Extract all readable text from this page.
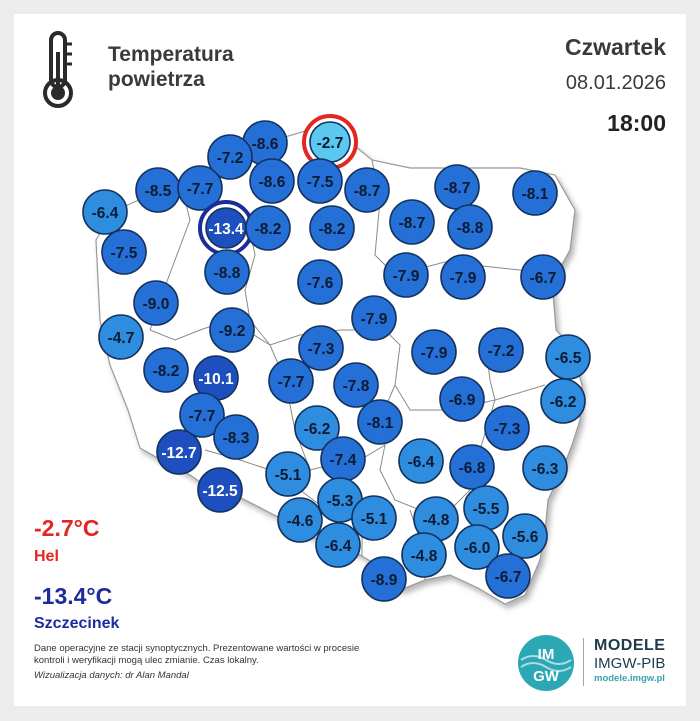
Temperatura
powietrza
Czwartek
08.01.2026
18:00
-8.6 -2.7
-7.2
-8.5 -7.7	-8.6 -7.5
-8.7	-8.7	-8.1
-6.4
-13.4 -8.2 -8.2	-8.7 -8.8
-7.5
-8.8
-7.6	-7.9 -7.9	-6.7
-9.0
-7.9
-4.7	-9.2
-7.3	-7.9	-7.2	-6.5
-8.2 -10.1	-7.7 -7.8
-6.9	-6.2
-7.7
-8.3
-8.1
-6.2	-7.3
-12.7	-7.4	-6.4 -6.8	-6.3
-5.1
-12.5
-5.3	-5.5
-4.6	-5.1 -4.8
-5.6
-6.4	-6.0
-4.8
-6.7
-8.9
-2.7°C
Hel
-13.4°C
Szczecinek
Dane operacyjne ze stacji synoptycznych. Prezentowane wartości w procesie kontroli i weryfikacji mogą ulec zmianie. Czas lokalny.
Wizualizacja danych: dr Alan Mandal
IM
GW
MODELE
IMGW-PIB
modele.imgw.pl
